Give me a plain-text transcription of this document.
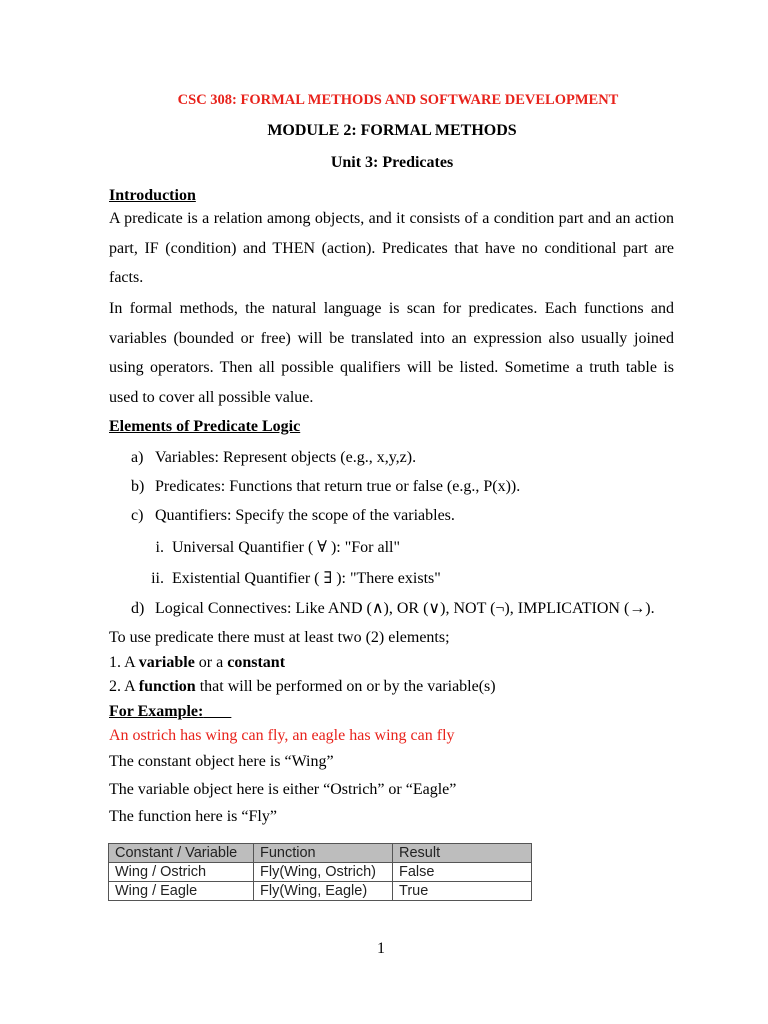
CSC 308: FORMAL METHODS AND SOFTWARE DEVELOPMENT
MODULE 2: FORMAL METHODS
Unit 3: Predicates
Introduction
A predicate is a relation among objects, and it consists of a condition part and an action part, IF (condition) and THEN (action). Predicates that have no conditional part are facts.
In formal methods, the natural language is scan for predicates. Each functions and variables (bounded or free) will be translated into an expression also usually joined using operators. Then all possible qualifiers will be listed. Sometime a truth table is used to cover all possible value.
Elements of Predicate Logic
a) Variables: Represent objects (e.g., x,y,z).
b) Predicates: Functions that return true or false (e.g., P(x)).
c) Quantifiers: Specify the scope of the variables.
i. Universal Quantifier ( ∀ ): "For all"
ii. Existential Quantifier ( ∃ ): "There exists"
d) Logical Connectives: Like AND (∧), OR (∨), NOT (¬), IMPLICATION (→).
To use predicate there must at least two (2) elements;
1. A variable or a constant
2. A function that will be performed on or by the variable(s)
For Example:
An ostrich has wing can fly, an eagle has wing can fly
The constant object here is “Wing”
The variable object here is either “Ostrich” or “Eagle”
The function here is “Fly”
Constant / Variable	Function	Result
Wing / Ostrich	Fly(Wing, Ostrich)	False
Wing / Eagle	Fly(Wing, Eagle)	True
1
